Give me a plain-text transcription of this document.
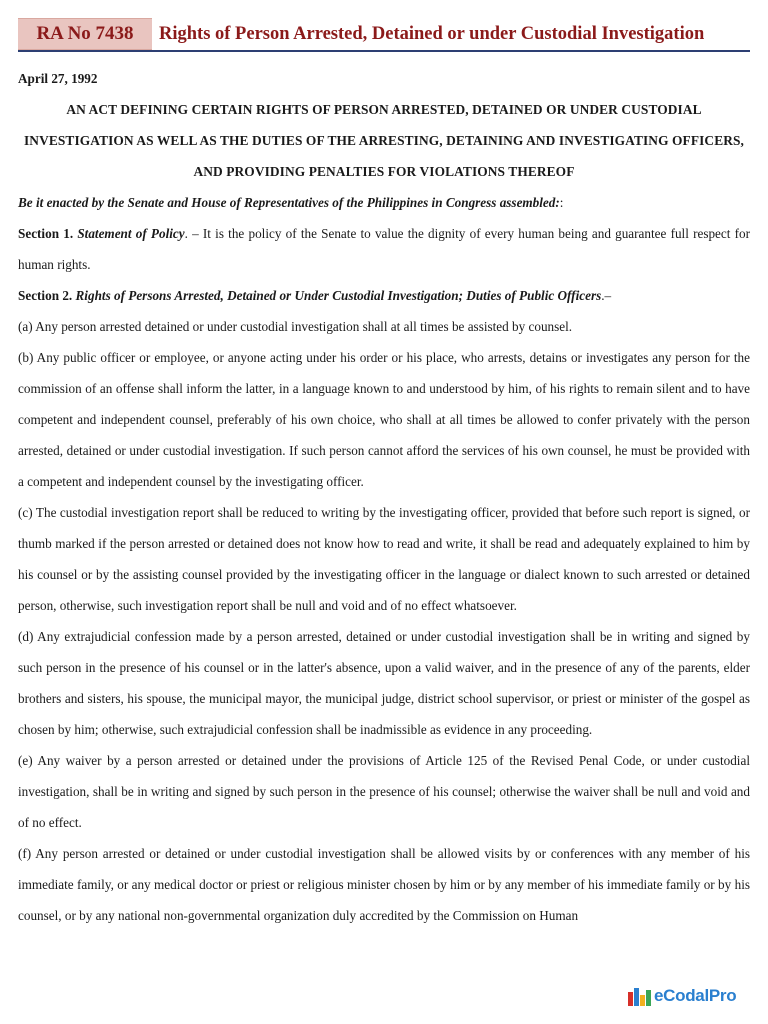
RA No 7438	Rights of Person Arrested, Detained or under Custodial Investigation

April 27, 1992

AN ACT DEFINING CERTAIN RIGHTS OF PERSON ARRESTED, DETAINED OR UNDER CUSTODIAL INVESTIGATION AS WELL AS THE DUTIES OF THE ARRESTING, DETAINING AND INVESTIGATING OFFICERS, AND PROVIDING PENALTIES FOR VIOLATIONS THEREOF

Be it enacted by the Senate and House of Representatives of the Philippines in Congress assembled::

Section 1. Statement of Policy. – It is the policy of the Senate to value the dignity of every human being and guarantee full respect for human rights.

Section 2. Rights of Persons Arrested, Detained or Under Custodial Investigation; Duties of Public Officers.–

(a) Any person arrested detained or under custodial investigation shall at all times be assisted by counsel.

(b) Any public officer or employee, or anyone acting under his order or his place, who arrests, detains or investigates any person for the commission of an offense shall inform the latter, in a language known to and understood by him, of his rights to remain silent and to have competent and independent counsel, preferably of his own choice, who shall at all times be allowed to confer privately with the person arrested, detained or under custodial investigation. If such person cannot afford the services of his own counsel, he must be provided with a competent and independent counsel by the investigating officer.

(c) The custodial investigation report shall be reduced to writing by the investigating officer, provided that before such report is signed, or thumb marked if the person arrested or detained does not know how to read and write, it shall be read and adequately explained to him by his counsel or by the assisting counsel provided by the investigating officer in the language or dialect known to such arrested or detained person, otherwise, such investigation report shall be null and void and of no effect whatsoever.

(d) Any extrajudicial confession made by a person arrested, detained or under custodial investigation shall be in writing and signed by such person in the presence of his counsel or in the latter's absence, upon a valid waiver, and in the presence of any of the parents, elder brothers and sisters, his spouse, the municipal mayor, the municipal judge, district school supervisor, or priest or minister of the gospel as chosen by him; otherwise, such extrajudicial confession shall be inadmissible as evidence in any proceeding.

(e) Any waiver by a person arrested or detained under the provisions of Article 125 of the Revised Penal Code, or under custodial investigation, shall be in writing and signed by such person in the presence of his counsel; otherwise the waiver shall be null and void and of no effect.

(f) Any person arrested or detained or under custodial investigation shall be allowed visits by or conferences with any member of his immediate family, or any medical doctor or priest or religious minister chosen by him or by any member of his immediate family or by his counsel, or by any national non-governmental organization duly accredited by the Commission on Human

eCodalPro
